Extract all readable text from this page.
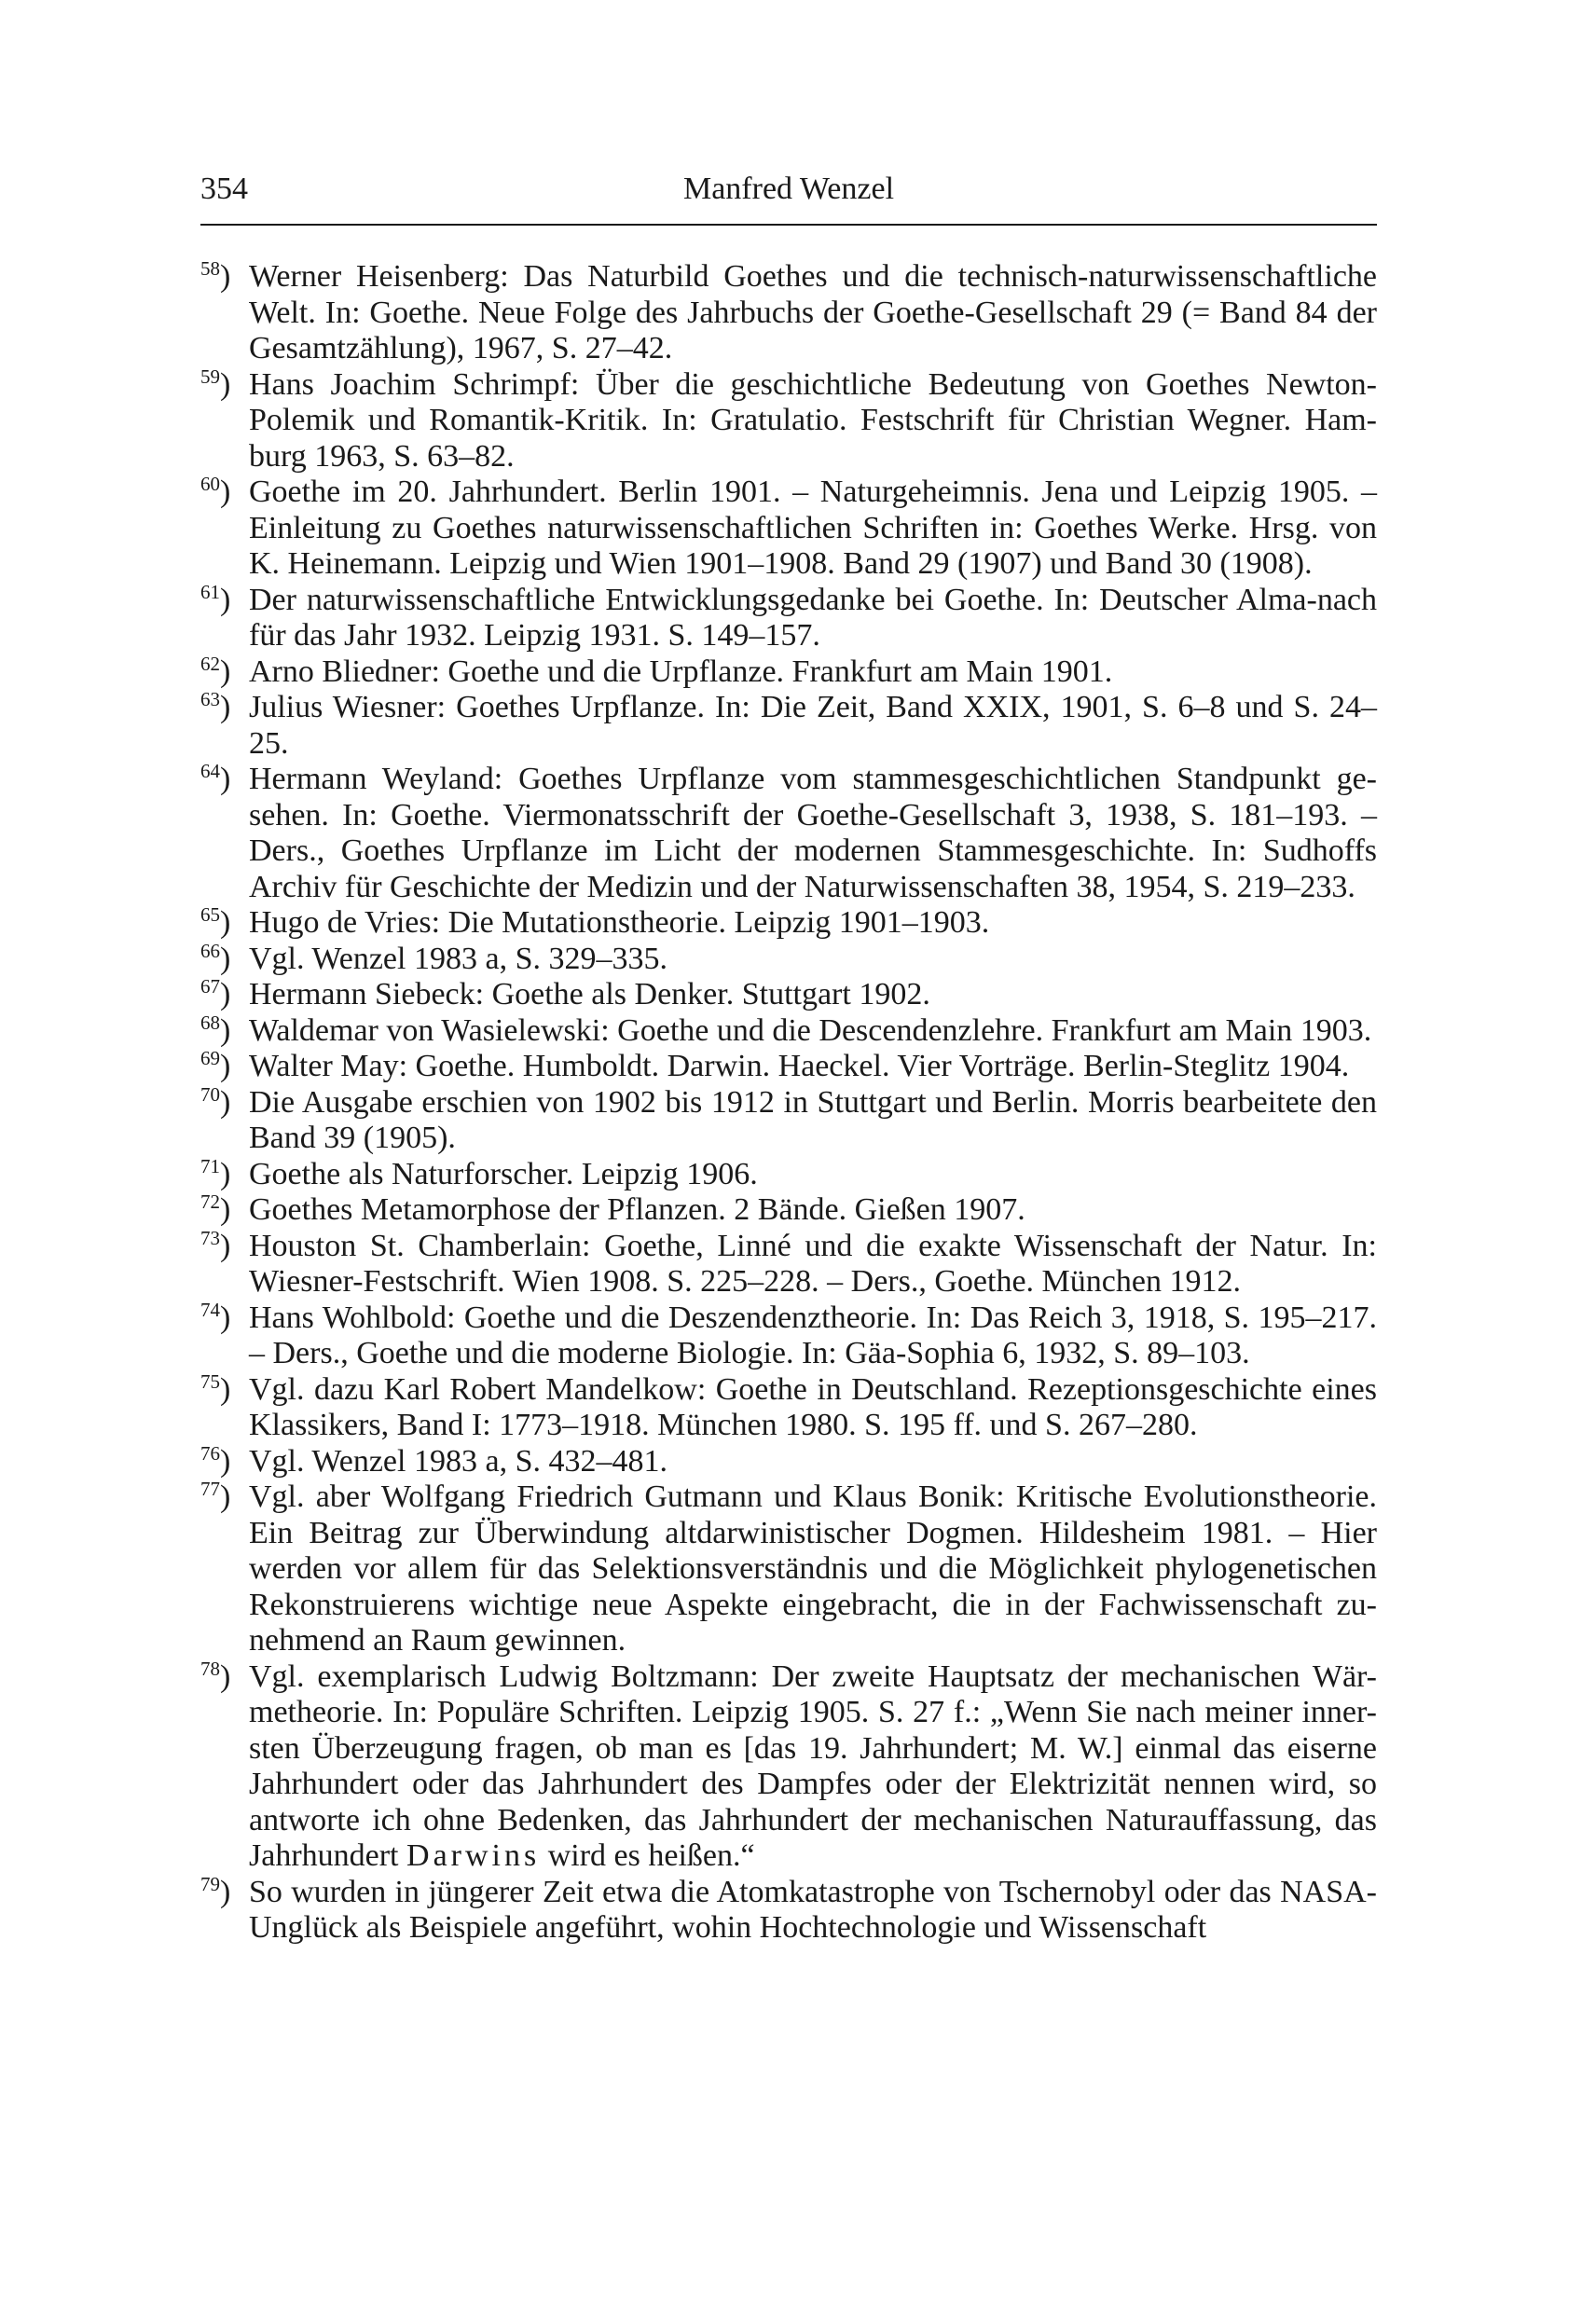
354	Manfred Wenzel

$^{58}$) Werner Heisenberg: Das Naturbild Goethes und die technisch-naturwissenschaftliche Welt. In: Goethe. Neue Folge des Jahrbuchs der Goethe-Gesellschaft 29 (= Band 84 der Gesamtzählung), 1967, S. 27–42.

$^{59}$) Hans Joachim Schrimpf: Über die geschichtliche Bedeutung von Goethes Newton-Polemik und Romantik-Kritik. In: Gratulatio. Festschrift für Christian Wegner. Ham-burg 1963, S. 63–82.

$^{60}$) Goethe im 20. Jahrhundert. Berlin 1901. – Naturgeheimnis. Jena und Leipzig 1905. – Einleitung zu Goethes naturwissenschaftlichen Schriften in: Goethes Werke. Hrsg. von K. Heinemann. Leipzig und Wien 1901–1908. Band 29 (1907) und Band 30 (1908).

$^{61}$) Der naturwissenschaftliche Entwicklungsgedanke bei Goethe. In: Deutscher Alma-nach für das Jahr 1932. Leipzig 1931. S. 149–157.

$^{62}$) Arno Bliedner: Goethe und die Urpflanze. Frankfurt am Main 1901.

$^{63}$) Julius Wiesner: Goethes Urpflanze. In: Die Zeit, Band XXIX, 1901, S. 6–8 und S. 24–25.

$^{64}$) Hermann Weyland: Goethes Urpflanze vom stammesgeschichtlichen Standpunkt ge-sehen. In: Goethe. Viermonatsschrift der Goethe-Gesellschaft 3, 1938, S. 181–193. – Ders., Goethes Urpflanze im Licht der modernen Stammesgeschichte. In: Sudhoffs Archiv für Geschichte der Medizin und der Naturwissenschaften 38, 1954, S. 219–233.

$^{65}$) Hugo de Vries: Die Mutationstheorie. Leipzig 1901–1903.

$^{66}$) Vgl. Wenzel 1983 a, S. 329–335.

$^{67}$) Hermann Siebeck: Goethe als Denker. Stuttgart 1902.

$^{68}$) Waldemar von Wasielewski: Goethe und die Descendenzlehre. Frankfurt am Main 1903.

$^{69}$) Walter May: Goethe. Humboldt. Darwin. Haeckel. Vier Vorträge. Berlin-Steglitz 1904.

$^{70}$) Die Ausgabe erschien von 1902 bis 1912 in Stuttgart und Berlin. Morris bearbeitete den Band 39 (1905).

$^{71}$) Goethe als Naturforscher. Leipzig 1906.

$^{72}$) Goethes Metamorphose der Pflanzen. 2 Bände. Gießen 1907.

$^{73}$) Houston St. Chamberlain: Goethe, Linné und die exakte Wissenschaft der Natur. In: Wiesner-Festschrift. Wien 1908. S. 225–228. – Ders., Goethe. München 1912.

$^{74}$) Hans Wohlbold: Goethe und die Deszendenztheorie. In: Das Reich 3, 1918, S. 195–217. – Ders., Goethe und die moderne Biologie. In: Gäa-Sophia 6, 1932, S. 89–103.

$^{75}$) Vgl. dazu Karl Robert Mandelkow: Goethe in Deutschland. Rezeptionsgeschichte eines Klassikers, Band I: 1773–1918. München 1980. S. 195 ff. und S. 267–280.

$^{76}$) Vgl. Wenzel 1983 a, S. 432–481.

$^{77}$) Vgl. aber Wolfgang Friedrich Gutmann und Klaus Bonik: Kritische Evolutionstheorie. Ein Beitrag zur Überwindung altdarwinistischer Dogmen. Hildesheim 1981. – Hier werden vor allem für das Selektionsverständnis und die Möglichkeit phylogenetischen Rekonstruierens wichtige neue Aspekte eingebracht, die in der Fachwissenschaft zu-nehmend an Raum gewinnen.

$^{78}$) Vgl. exemplarisch Ludwig Boltzmann: Der zweite Hauptsatz der mechanischen Wär-metheorie. In: Populäre Schriften. Leipzig 1905. S. 27 f.: „Wenn Sie nach meiner inner-sten Überzeugung fragen, ob man es [das 19. Jahrhundert; M. W.] einmal das eiserne Jahrhundert oder das Jahrhundert des Dampfes oder der Elektrizität nennen wird, so antworte ich ohne Bedenken, das Jahrhundert der mechanischen Naturauffassung, das Jahrhundert Darwins wird es heißen.“

$^{79}$) So wurden in jüngerer Zeit etwa die Atomkatastrophe von Tschernobyl oder das NASA-Unglück als Beispiele angeführt, wohin Hochtechnologie und Wissenschaft
